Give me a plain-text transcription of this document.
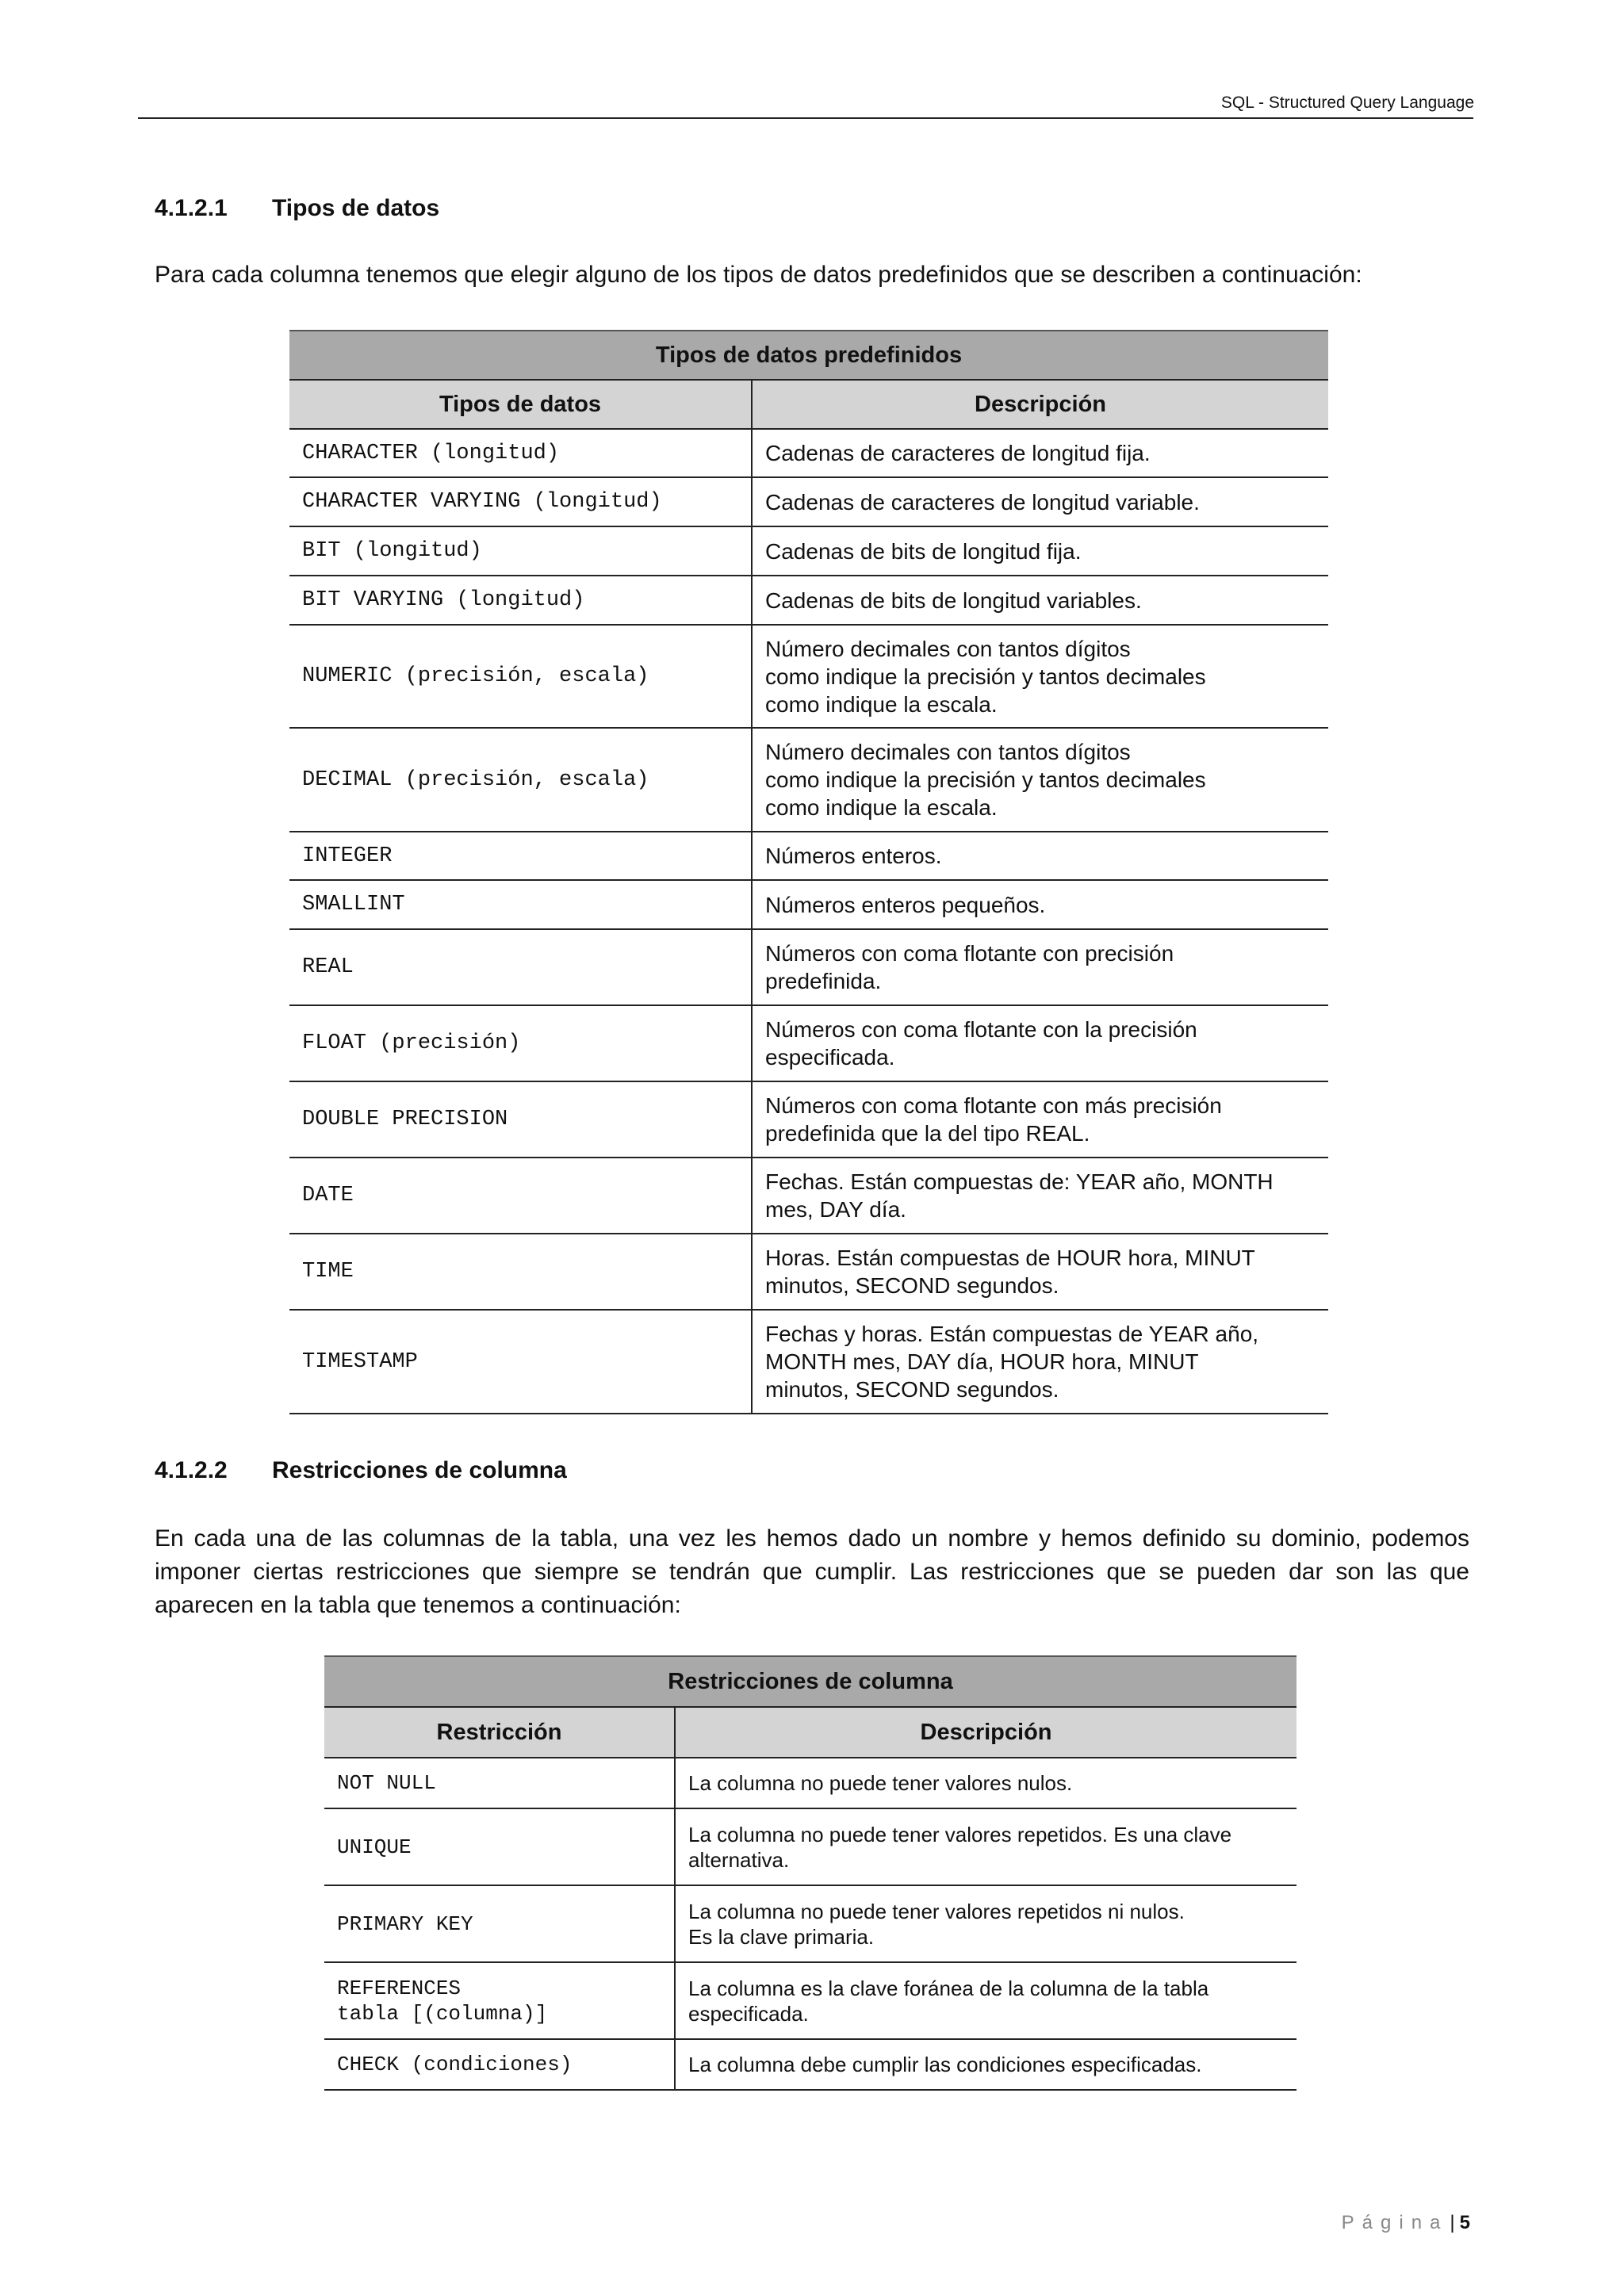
SQL - Structured Query Language
4.1.2.1 Tipos de datos
Para cada columna tenemos que elegir alguno de los tipos de datos predefinidos que se describen a continuación:
Tipos de datos predefinidos	
Tipos de datos	Descripción
CHARACTER (longitud)	Cadenas de caracteres de longitud fija.
CHARACTER VARYING (longitud)	Cadenas de caracteres de longitud variable.
BIT (longitud)	Cadenas de bits de longitud fija.
BIT VARYING (longitud)	Cadenas de bits de longitud variables.
NUMERIC (precisión, escala)	Número decimales con tantos dígitos
como indique la precisión y tantos decimales
como indique la escala.
DECIMAL (precisión, escala)	Número decimales con tantos dígitos
como indique la precisión y tantos decimales
como indique la escala.
INTEGER	Números enteros.
SMALLINT	Números enteros pequeños.
REAL	Números con coma flotante con precisión
predefinida.
FLOAT (precisión)	Números con coma flotante con la precisión
especificada.
DOUBLE PRECISION	Números con coma flotante con más precisión
predefinida que la del tipo REAL.
DATE	Fechas. Están compuestas de: YEAR año, MONTH
mes, DAY día.
TIME	Horas. Están compuestas de HOUR hora, MINUT
minutos, SECOND segundos.
TIMESTAMP	Fechas y horas. Están compuestas de YEAR año,
MONTH mes, DAY día, HOUR hora, MINUT
minutos, SECOND segundos.
4.1.2.2 Restricciones de columna
En cada una de las columnas de la tabla, una vez les hemos dado un nombre y hemos definido su dominio, podemos imponer ciertas restricciones que siempre se tendrán que cumplir. Las restricciones que se pueden dar son las que aparecen en la tabla que tenemos a continuación:
Restricciones de columna	
Restricción	Descripción
NOT NULL	La columna no puede tener valores nulos.
UNIQUE	La columna no puede tener valores repetidos. Es una clave
alternativa.
PRIMARY KEY	La columna no puede tener valores repetidos ni nulos.
Es la clave primaria.
REFERENCES
tabla [(columna)]	La columna es la clave foránea de la columna de la tabla
especificada.
CHECK (condiciones)	La columna debe cumplir las condiciones especificadas.
Página| 5
